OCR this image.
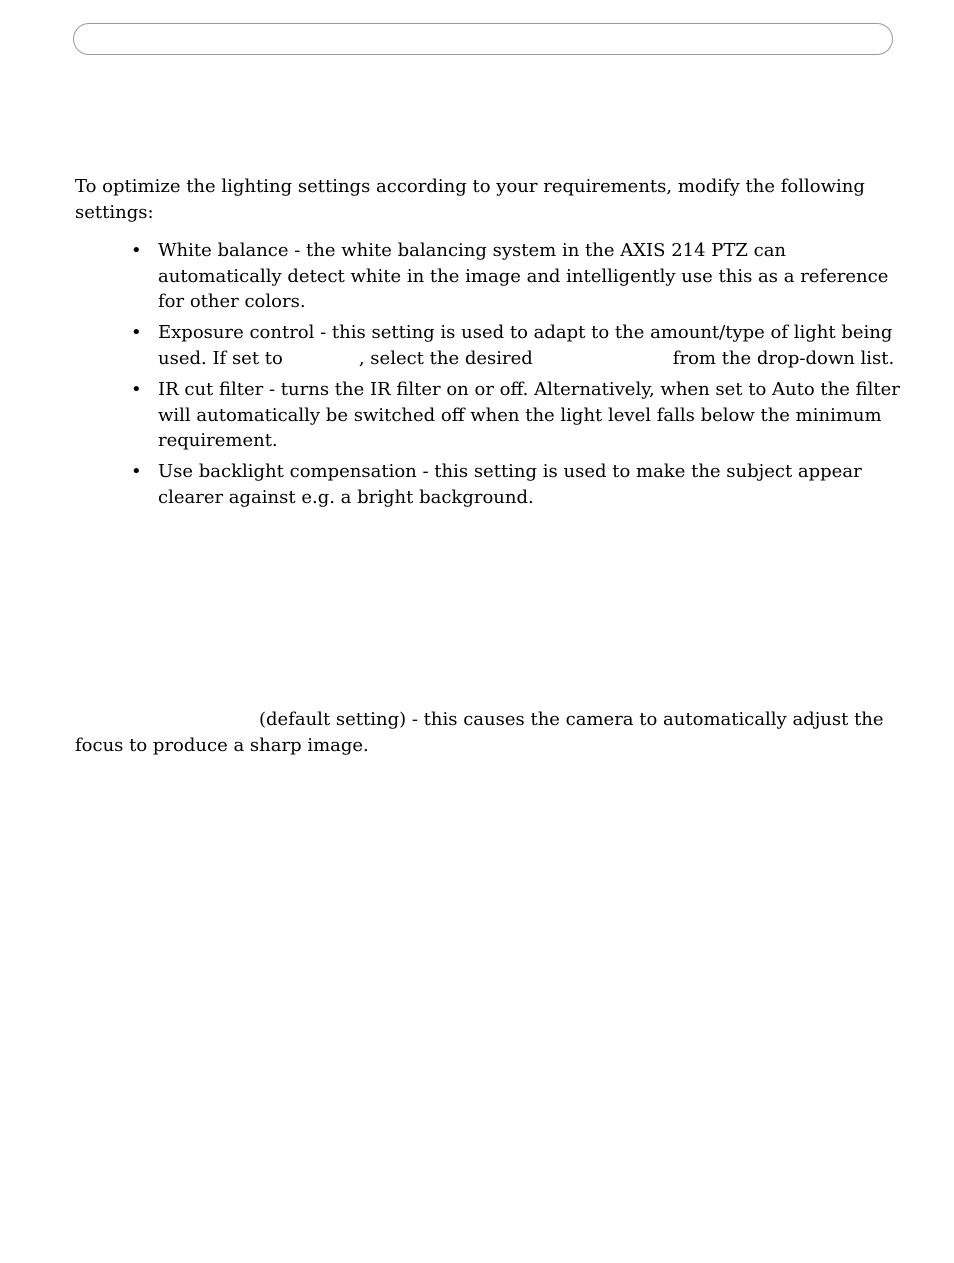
To optimize the lighting settings according to your requirements, modify the following
settings:

• White balance - the white balancing system in the AXIS 214 PTZ can
automatically detect white in the image and intelligently use this as a reference
for other colors.

• Exposure control - this setting is used to adapt to the amount/type of light being
used. If set to	, select the desired	from the drop-down list.

• IR cut filter - turns the IR filter on or off. Alternatively, when set to Auto the filter
will automatically be switched off when the light level falls below the minimum
requirement.

• Use backlight compensation - this setting is used to make the subject appear
clearer against e.g. a bright background.

(default setting) - this causes the camera to automatically adjust the
focus to produce a sharp image.
